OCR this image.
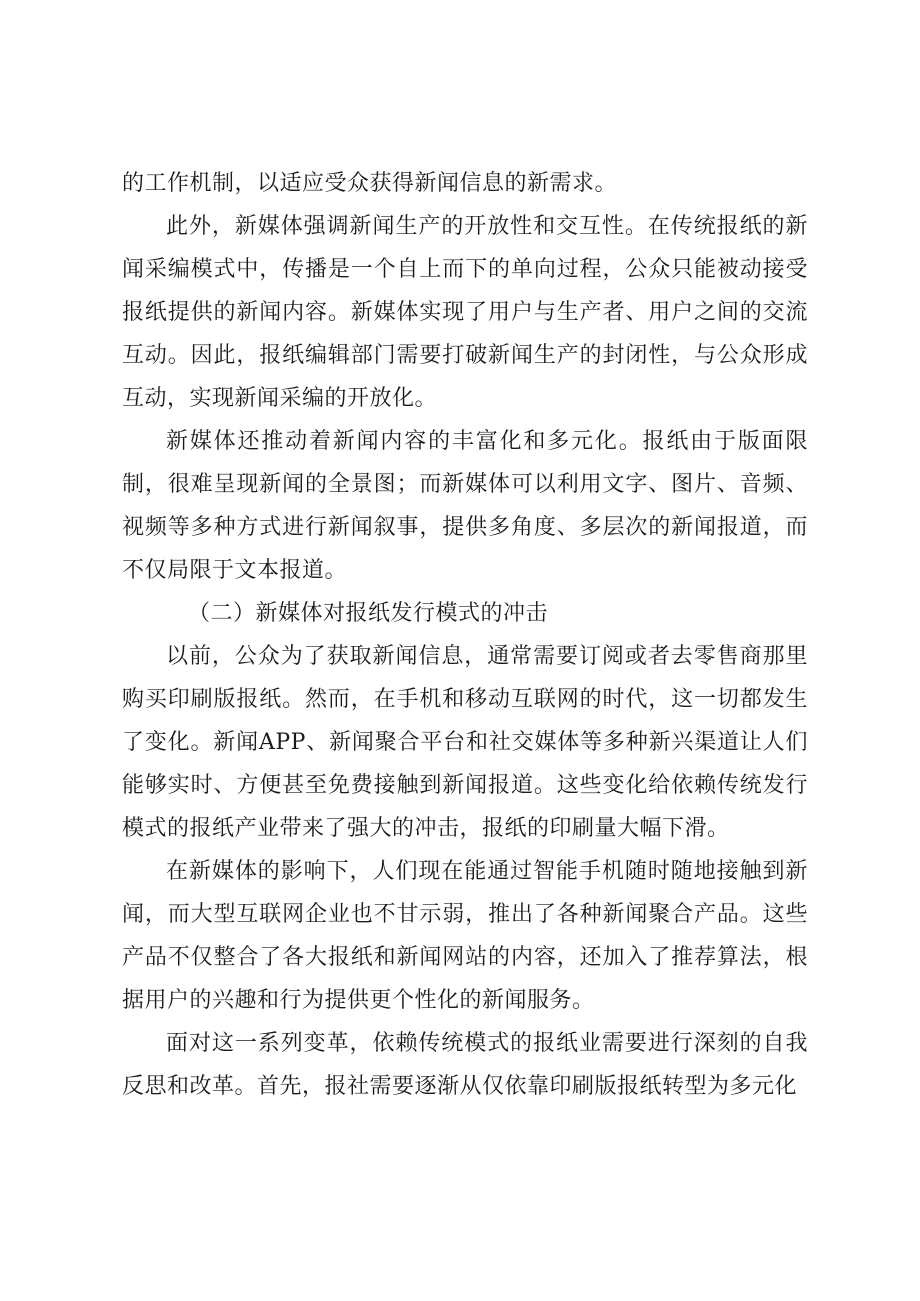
的工作机制，以适应受众获得新闻信息的新需求。

此外，新媒体强调新闻生产的开放性和交互性。在传统报纸的新闻采编模式中，传播是一个自上而下的单向过程，公众只能被动接受报纸提供的新闻内容。新媒体实现了用户与生产者、用户之间的交流互动。因此，报纸编辑部门需要打破新闻生产的封闭性，与公众形成互动，实现新闻采编的开放化。

新媒体还推动着新闻内容的丰富化和多元化。报纸由于版面限制，很难呈现新闻的全景图；而新媒体可以利用文字、图片、音频、视频等多种方式进行新闻叙事，提供多角度、多层次的新闻报道，而不仅局限于文本报道。

（二）新媒体对报纸发行模式的冲击

以前，公众为了获取新闻信息，通常需要订阅或者去零售商那里购买印刷版报纸。然而，在手机和移动互联网的时代，这一切都发生了变化。新闻APP、新闻聚合平台和社交媒体等多种新兴渠道让人们能够实时、方便甚至免费接触到新闻报道。这些变化给依赖传统发行模式的报纸产业带来了强大的冲击，报纸的印刷量大幅下滑。

在新媒体的影响下，人们现在能通过智能手机随时随地接触到新闻，而大型互联网企业也不甘示弱，推出了各种新闻聚合产品。这些产品不仅整合了各大报纸和新闻网站的内容，还加入了推荐算法，根据用户的兴趣和行为提供更个性化的新闻服务。

面对这一系列变革，依赖传统模式的报纸业需要进行深刻的自我反思和改革。首先，报社需要逐渐从仅依靠印刷版报纸转型为多元化
